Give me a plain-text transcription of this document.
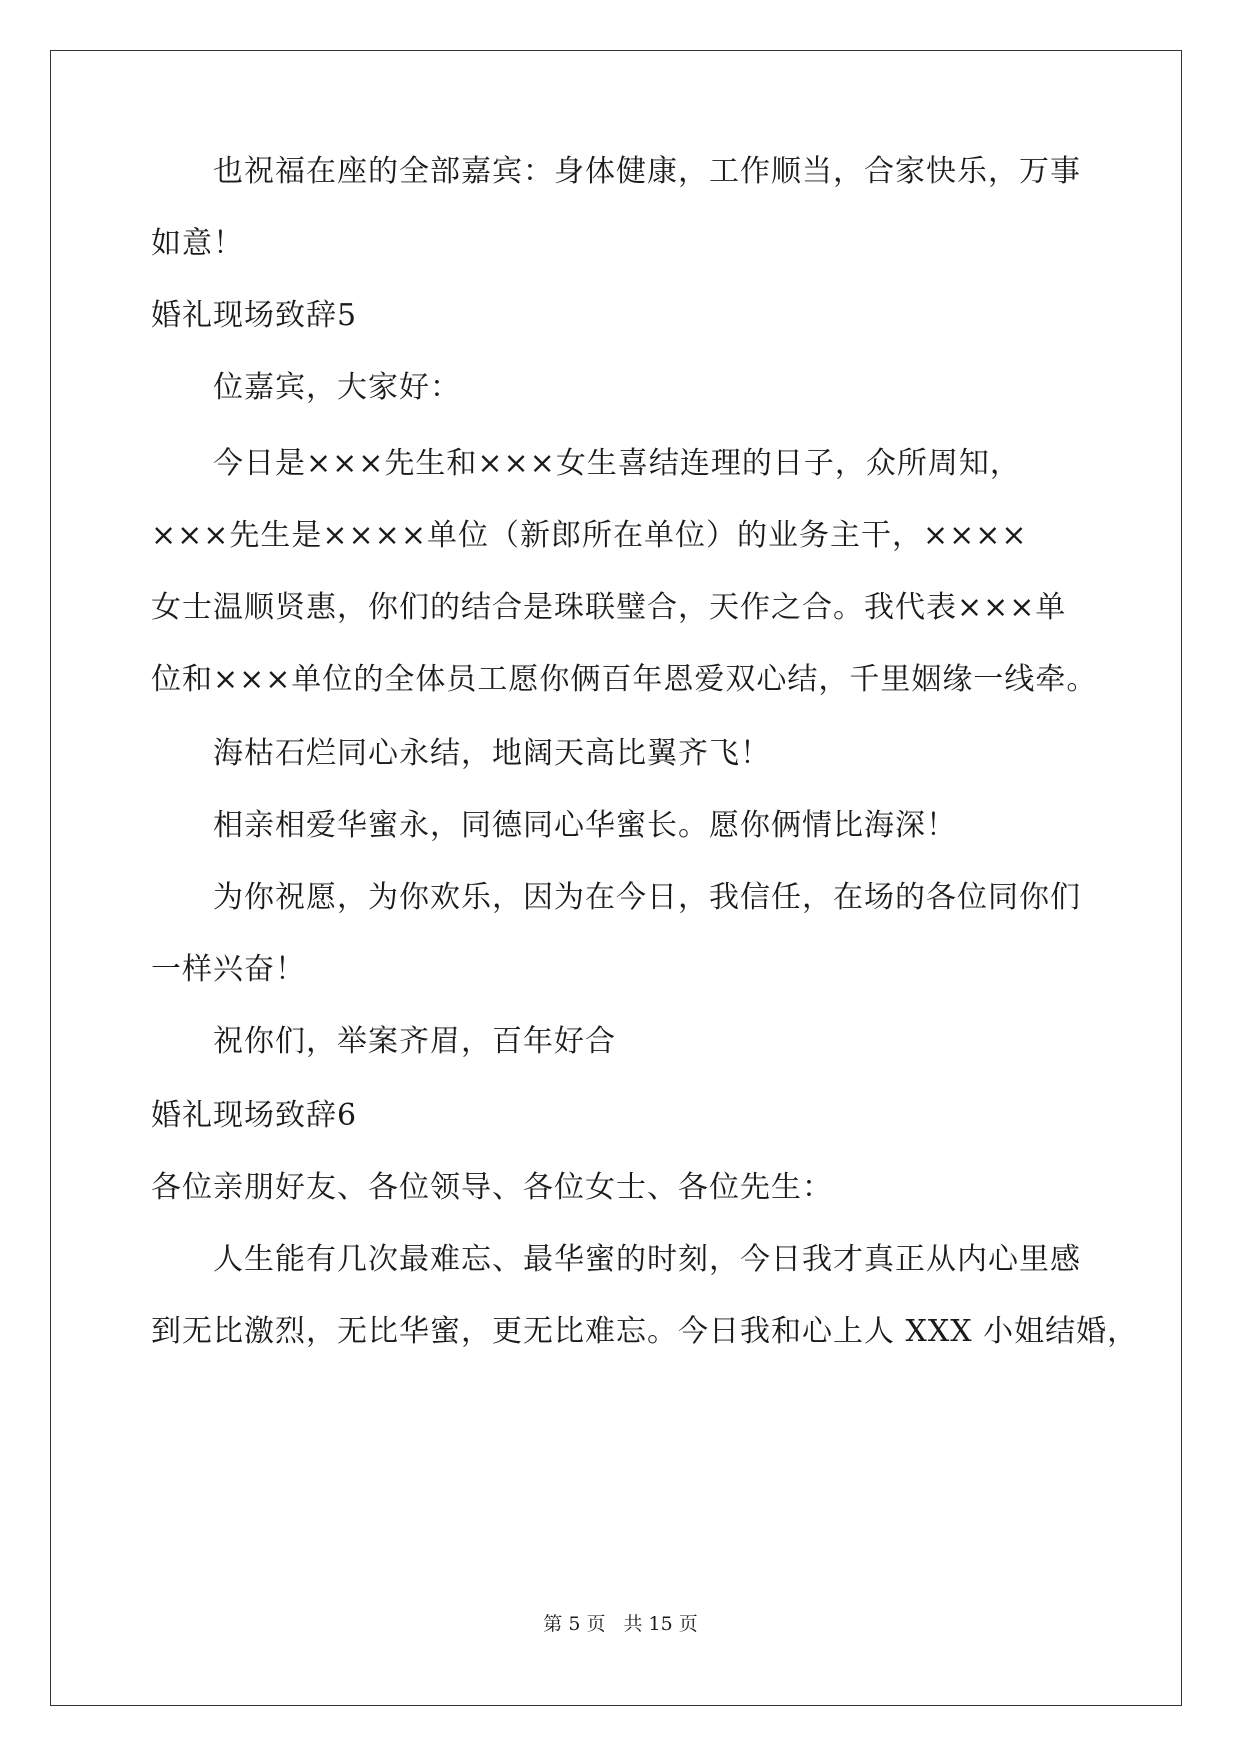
也祝福在座的全部嘉宾：身体健康，工作顺当，合家快乐，万事
如意！
婚礼现场致辞5
位嘉宾，大家好：
今日是×××先生和×××女生喜结连理的日子，众所周知，
×××先生是××××单位（新郎所在单位）的业务主干，××××
女士温顺贤惠，你们的结合是珠联璧合，天作之合。我代表×××单
位和×××单位的全体员工愿你俩百年恩爱双心结，千里姻缘一线牵。
海枯石烂同心永结，地阔天高比翼齐飞！
相亲相爱华蜜永，同德同心华蜜长。愿你俩情比海深！
为你祝愿，为你欢乐，因为在今日，我信任，在场的各位同你们
一样兴奋！
祝你们，举案齐眉，百年好合
婚礼现场致辞6
各位亲朋好友、各位领导、各位女士、各位先生：
人生能有几次最难忘、最华蜜的时刻，今日我才真正从内心里感
到无比激烈，无比华蜜，更无比难忘。今日我和心上人 XXX 小姐结婚，
第 5 页 共 15 页
